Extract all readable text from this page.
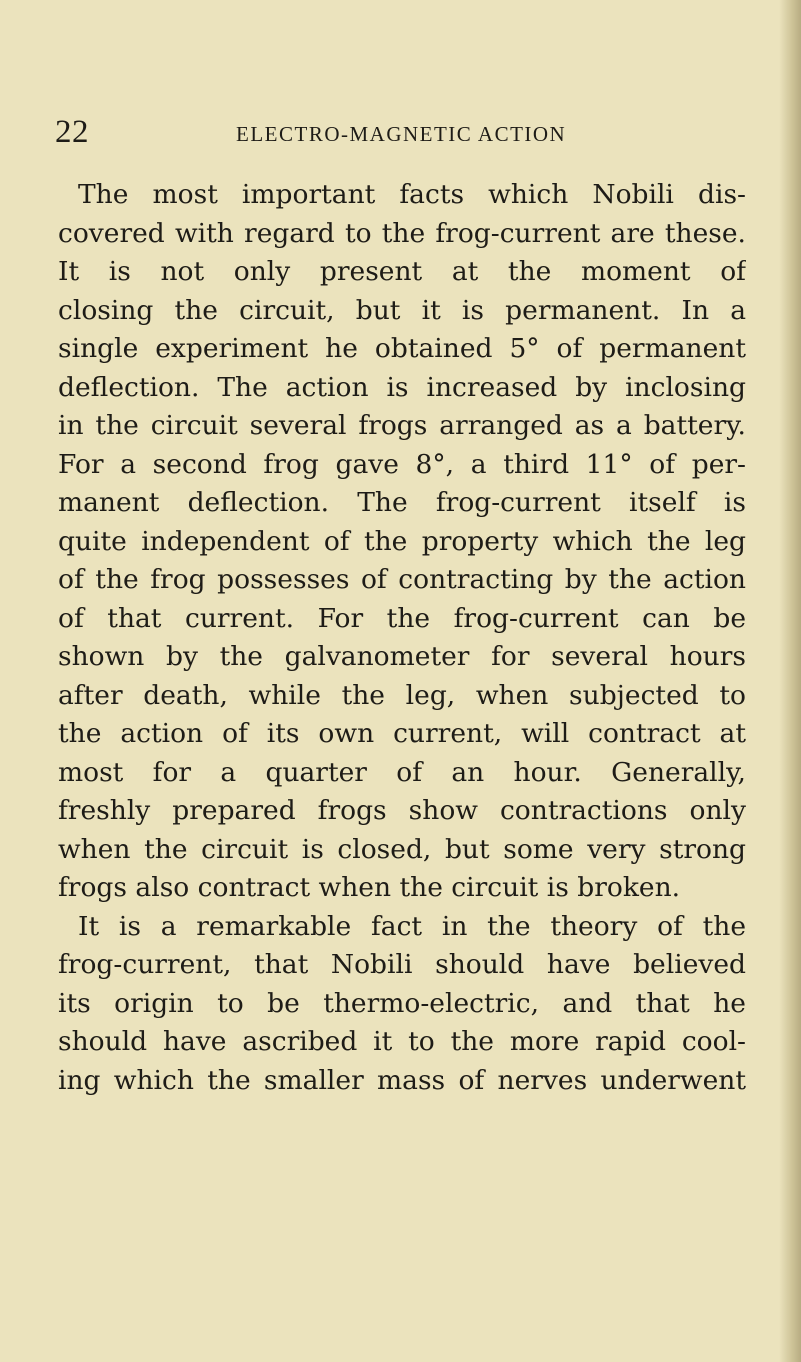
22	ELECTRO-MAGNETIC ACTION
The most important facts which Nobili dis-
covered with regard to the frog-current are these.
It is not only present at the moment of
closing the circuit, but it is permanent. In a
single experiment he obtained 5° of permanent
deflection. The action is increased by inclosing
in the circuit several frogs arranged as a battery.
For a second frog gave 8°, a third 11° of per-
manent deflection. The frog-current itself is
quite independent of the property which the leg
of the frog possesses of contracting by the action
of that current. For the frog-current can be
shown by the galvanometer for several hours
after death, while the leg, when subjected to
the action of its own current, will contract at
most for a quarter of an hour. Generally,
freshly prepared frogs show contractions only
when the circuit is closed, but some very strong
frogs also contract when the circuit is broken.
It is a remarkable fact in the theory of the
frog-current, that Nobili should have believed
its origin to be thermo-electric, and that he
should have ascribed it to the more rapid cool-
ing which the smaller mass of nerves underwent
